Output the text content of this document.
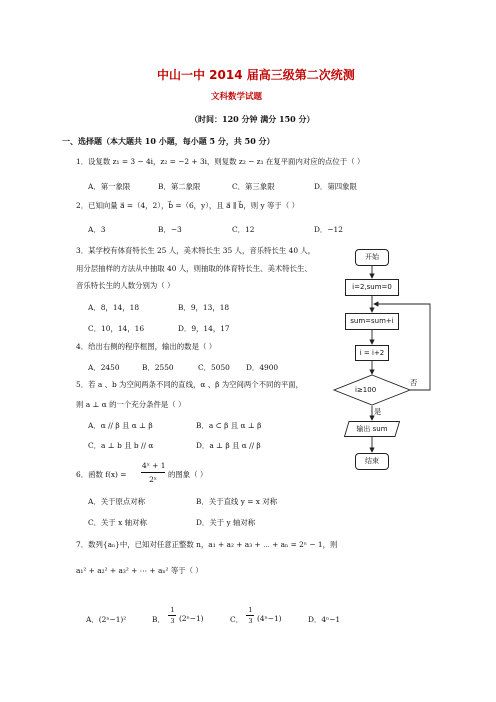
中山一中 2014 届高三级第二次统测
文科数学试题
（时间：120 分钟 满分 150 分）
一、选择题（本大题共 10 小题，每小题 5 分，共 50 分）
1．设复数 z₁ = 3 − 4i，z₂ = −2 + 3i，则复数 z₂ − z₁ 在复平面内对应的点位于（ ）
A．第一象限	B．第二象限	C．第三象限	D．第四象限
2．已知向量 a⃗ =（4，2），b⃗ =（6，y），且 a⃗ ∥ b⃗，则 y 等于（ ）
A．3	B．−3	C．12	D．−12
3．某学校有体育特长生 25 人，美术特长生 35 人，音乐特长生 40 人，
用分层抽样的方法从中抽取 40 人，则抽取的体育特长生、美术特长生、
音乐特长生的人数分别为（ ）
A．8，14，18	B．9，13，18
C．10，14，16	D．9，14，17
4．给出右侧的程序框图，输出的数是（ ）
A．2450	B．2550	C．5050 D．4900
5．若 a 、b 为空间两条不同的直线，α 、β 为空间两个不同的平面，
则 a ⊥ α 的一个充分条件是（ ）
A．α // β 且 α ⊥ β	B．a ⊂ β 且 α ⊥ β
C．a ⊥ b 且 b // α	D．a ⊥ β 且 α // β
6．函数 f(x) =
4ˣ + 1
2ˣ
的图象（ ）
A．关于原点对称	B．关于直线 y = x 对称
C．关于 x 轴对称	D．关于 y 轴对称
7．数列{aₙ}中，已知对任意正整数 n，a₁ + a₂ + a₃ + ⋯ + aₙ = 2ⁿ − 1，则
a₁² + a₂² + a₃² + ⋯ + aₙ² 等于（ ）
A．(2ⁿ−1)²	B．
1
3 (2ⁿ−1)	C．
1
3 (4ⁿ−1)	D．4ⁿ−1
开始
i=2,sum=0
sum=sum+i
i = i+2
i≥100
否
是
输出 sum
结束
